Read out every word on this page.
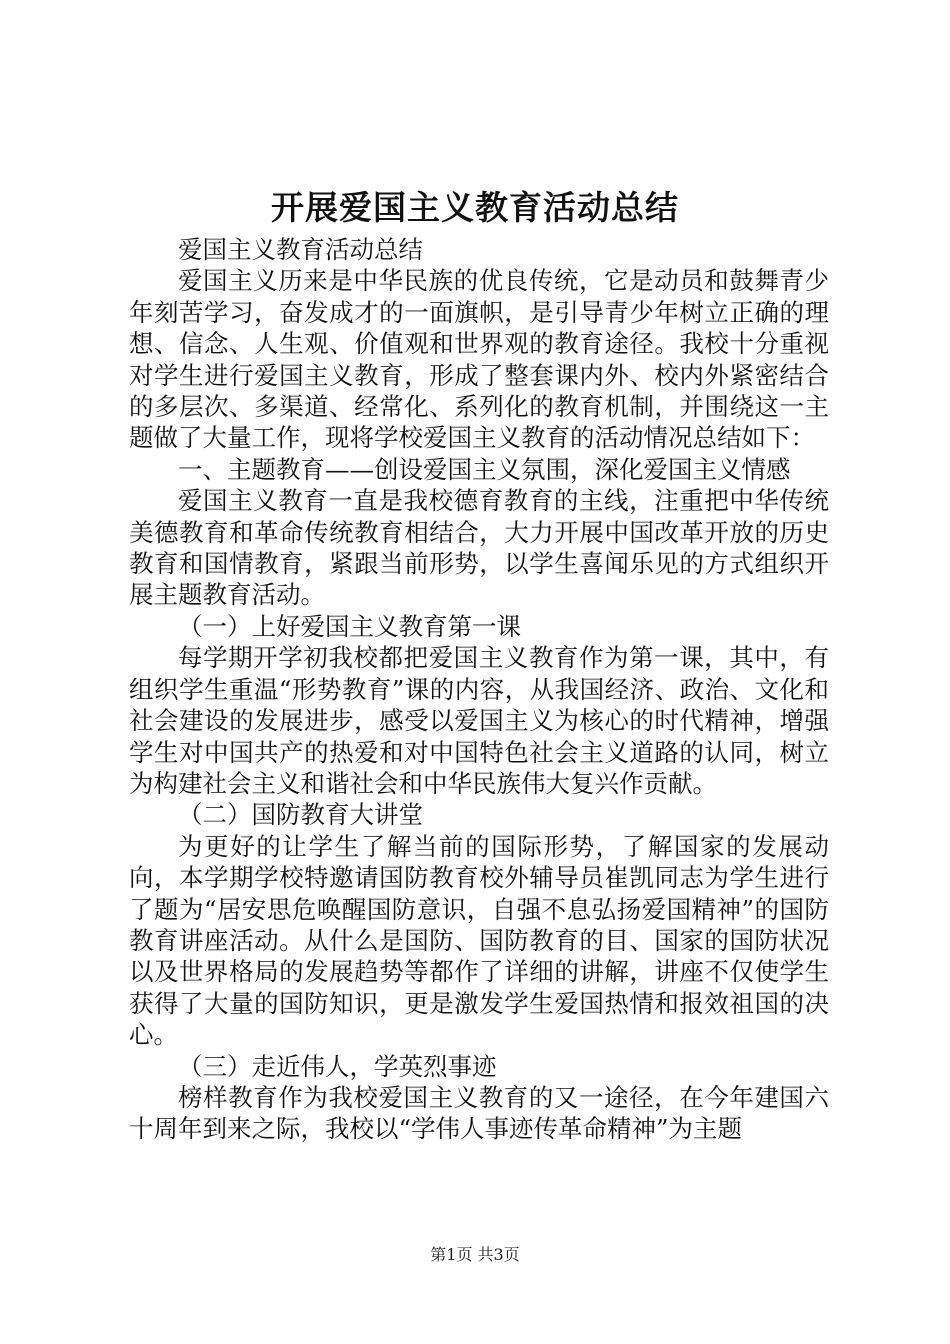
开展爱国主义教育活动总结

爱国主义教育活动总结

爱国主义历来是中华民族的优良传统，它是动员和鼓舞青少年刻苦学习，奋发成才的一面旗帜，是引导青少年树立正确的理想、信念、人生观、价值观和世界观的教育途径。我校十分重视对学生进行爱国主义教育，形成了整套课内外、校内外紧密结合的多层次、多渠道、经常化、系列化的教育机制，并围绕这一主题做了大量工作，现将学校爱国主义教育的活动情况总结如下：

一、主题教育——创设爱国主义氛围，深化爱国主义情感

爱国主义教育一直是我校德育教育的主线，注重把中华传统美德教育和革命传统教育相结合，大力开展中国改革开放的历史教育和国情教育，紧跟当前形势，以学生喜闻乐见的方式组织开展主题教育活动。

（一）上好爱国主义教育第一课

每学期开学初我校都把爱国主义教育作为第一课，其中，有组织学生重温“形势教育”课的内容，从我国经济、政治、文化和社会建设的发展进步，感受以爱国主义为核心的时代精神，增强学生对中国共产的热爱和对中国特色社会主义道路的认同，树立为构建社会主义和谐社会和中华民族伟大复兴作贡献。

（二）国防教育大讲堂

为更好的让学生了解当前的国际形势，了解国家的发展动向，本学期学校特邀请国防教育校外辅导员崔凯同志为学生进行了题为“居安思危唤醒国防意识，自强不息弘扬爱国精神”的国防教育讲座活动。从什么是国防、国防教育的目、国家的国防状况以及世界格局的发展趋势等都作了详细的讲解，讲座不仅使学生获得了大量的国防知识，更是激发学生爱国热情和报效祖国的决心。

（三）走近伟人，学英烈事迹

榜样教育作为我校爱国主义教育的又一途径，在今年建国六十周年到来之际，我校以“学伟人事迹传革命精神”为主题

第1页 共3页
